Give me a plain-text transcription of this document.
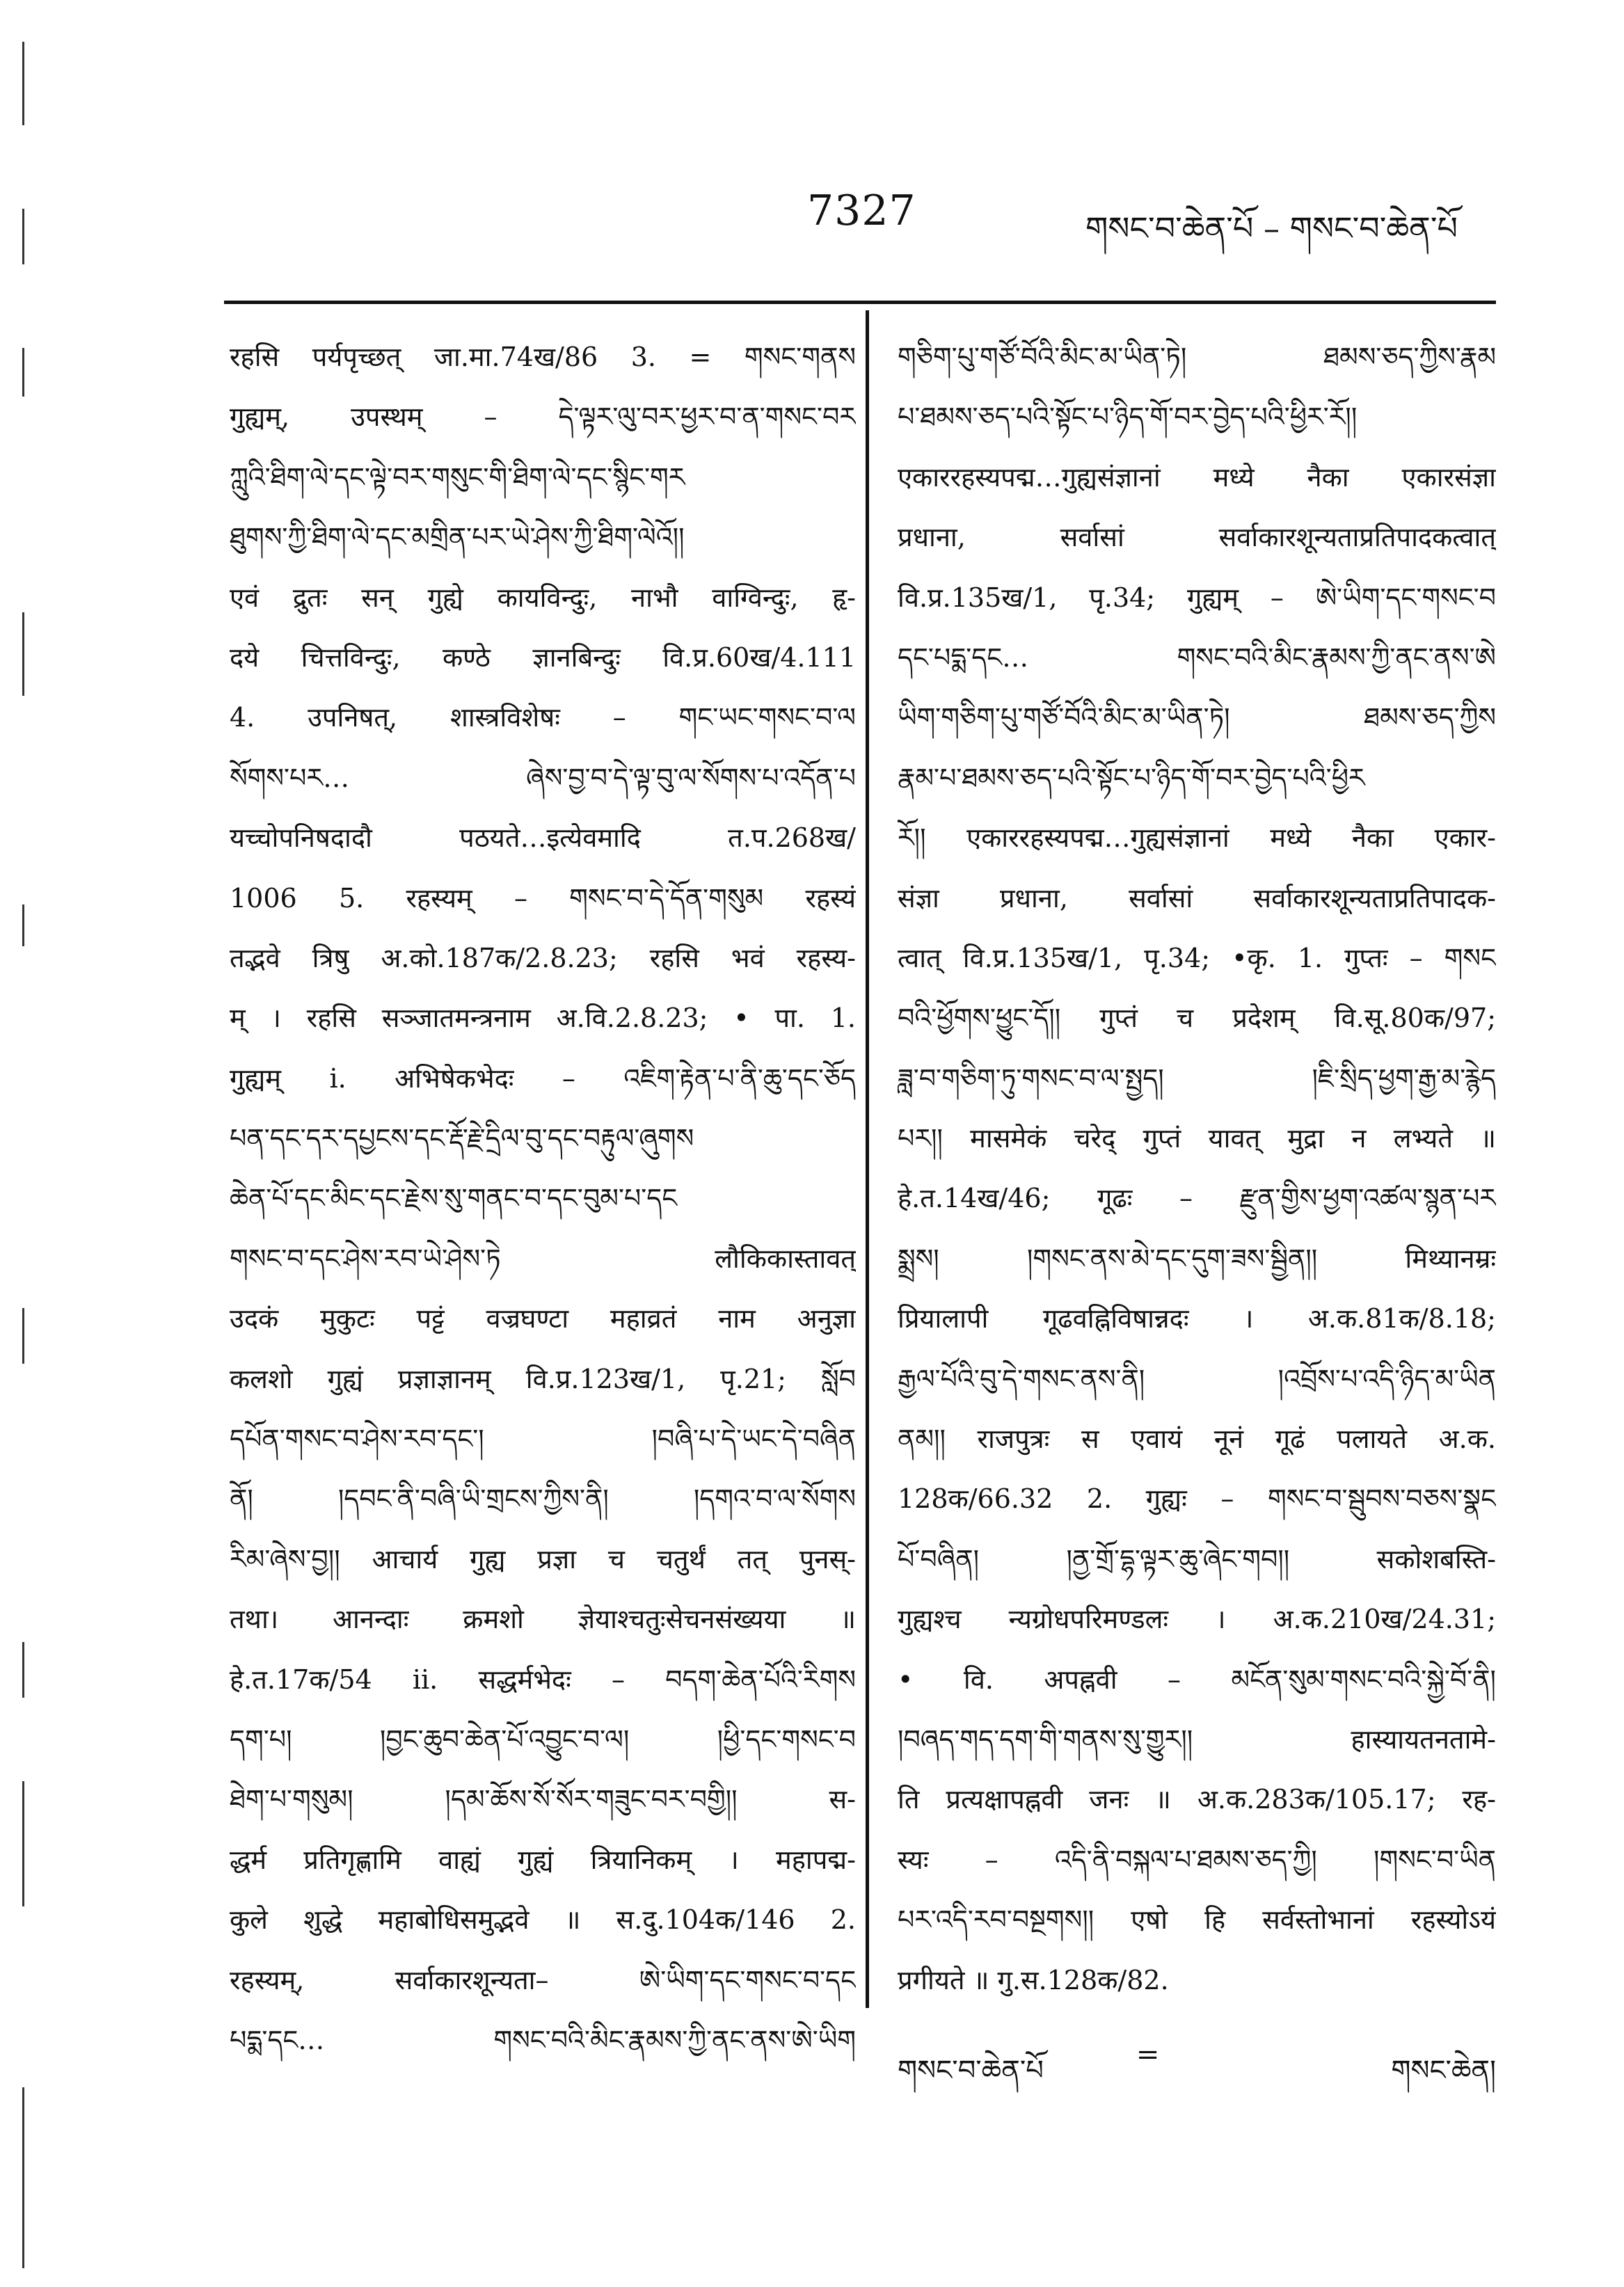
7327	གསང་བ་ཆེན་པོ – གསང་བ་ཆེན་པོ
रहसि पर्यपृच्छत् जा.मा.74ख/86 3. = གསང་གནས
गुह्यम्, उपस्थम् – དེ་ལྟར་ལུ་བར་ཕྱར་བ་ན་གསང་བར
ཀླུའི་ཐིག་ལེ་དང་ལྟེ་བར་གསུང་གི་ཐིག་ལེ་དང་སྙིང་གར
ཐུགས་ཀྱི་ཐིག་ལེ་དང་མགྲིན་པར་ཡེ་ཤེས་ཀྱི་ཐིག་ལེའོ།།
एवं द्रुतः सन् गुह्ये कायविन्दुः, नाभौ वाग्विन्दुः, हृ-
दये चित्तविन्दुः, कण्ठे ज्ञानबिन्दुः वि.प्र.60ख/4.111
4. उपनिषत्, शास्त्रविशेषः – གང་ཡང་གསང་བ་ལ
སོགས་པར… ཞེས་བྱ་བ་དེ་ལྟ་བུ་ལ་སོགས་པ་འདོན་པ
यच्चोपनिषदादौ पठयते…इत्येवमादि त.प.268ख/
1006 5. रहस्यम् – གསང་བ་དེ་དོན་གསུམ रहस्यं
तद्भवे त्रिषु अ.को.187क/2.8.23; रहसि भवं रहस्य-
म् । रहसि सञ्जातमन्त्रनाम अ.वि.2.8.23; • पा. 1.
गुह्यम् i. अभिषेकभेदः – འཇིག་རྟེན་པ་ནི་ཆུ་དང་ཅོད
པན་དང་དར་དཔྱངས་དང་རྡོ་རྗེ་དྲིལ་བུ་དང་བརྟུལ་ཞུགས
ཆེན་པོ་དང་མིང་དང་རྗེས་སུ་གནང་བ་དང་བུམ་པ་དང
གསང་བ་དང་ཤེས་རབ་ཡེ་ཤེས་ཏེ लौकिकास्तावत्
उदकं मुकुटः पट्टं वज्रघण्टा महाव्रतं नाम अनुज्ञा
कलशो गुह्यं प्रज्ञाज्ञानम् वि.प्र.123ख/1, पृ.21; སློབ
དཔོན་གསང་བ་ཤེས་རབ་དང་། །བཞི་པ་དེ་ཡང་དེ་བཞིན
ནོ། །དབང་ནི་བཞི་ཡི་གྲངས་ཀྱིས་ནི། །དགའ་བ་ལ་སོགས
རིམ་ཞེས་བྱ།། आचार्य गुह्य प्रज्ञा च चतुर्थं तत् पुनस्-
तथा। आनन्दाः क्रमशो ज्ञेयाश्चतुःसेचनसंख्यया ॥
हे.त.17क/54 ii. सद्धर्मभेदः – བདག་ཆེན་པོའི་རིགས
དག་པ། །བྱང་ཆུབ་ཆེན་པོ་འབྱུང་བ་ལ། །ཕྱི་དང་གསང་བ
ཐེག་པ་གསུམ། །དམ་ཆོས་སོ་སོར་གཟུང་བར་བགྱི།། स-
द्धर्म प्रतिगृह्णामि वाह्यं गुह्यं त्रियानिकम् । महापद्म-
कुले शुद्धे महाबोधिसमुद्भवे ॥ स.दु.104क/146 2.
रहस्यम्, सर्वाकारशून्यता– ཨེ་ཡིག་དང་གསང་བ་དང
པདྨ་དང… གསང་བའི་མིང་རྣམས་ཀྱི་ནང་ནས་ཨེ་ཡིག
གཅིག་པུ་གཙོ་བོའི་མིང་མ་ཡིན་ཏེ། ཐམས་ཅད་ཀྱིས་རྣམ
པ་ཐམས་ཅད་པའི་སྟོང་པ་ཉིད་གོ་བར་བྱེད་པའི་ཕྱིར་རོ།།
एकाररहस्यपद्म…गुह्यसंज्ञानां मध्ये नैका एकारसंज्ञा
प्रधाना, सर्वासां सर्वाकारशून्यताप्रतिपादकत्वात्
वि.प्र.135ख/1, पृ.34; गुह्यम् – ཨེ་ཡིག་དང་གསང་བ
དང་པདྨ་དང… གསང་བའི་མིང་རྣམས་ཀྱི་ནང་ནས་ཨེ
ཡིག་གཅིག་པུ་གཙོ་བོའི་མིང་མ་ཡིན་ཏེ། ཐམས་ཅད་ཀྱིས
རྣམ་པ་ཐམས་ཅད་པའི་སྟོང་པ་ཉིད་གོ་བར་བྱེད་པའི་ཕྱིར
རོ།། एकाररहस्यपद्म…गुह्यसंज्ञानां मध्ये नैका एकार-
संज्ञा प्रधाना, सर्वासां सर्वाकारशून्यताप्रतिपादक-
त्वात् वि.प्र.135ख/1, पृ.34; •कृ. 1. गुप्तः – གསང
བའི་ཕྱོགས་ཕྱུང་དོ།། गुप्तं च प्रदेशम् वि.सू.80क/97;
ཟླ་བ་གཅིག་ཏུ་གསང་བ་ལ་སྤྱད། །ཇི་སྲིད་ཕྱག་རྒྱ་མ་རྙེད
པར།། मासमेकं चरेद् गुप्तं यावत् मुद्रा न लभ्यते ॥
हे.त.14ख/46; गूढः – རྫུན་གྱིས་ཕྱག་འཚལ་སྙན་པར
སྨྲས། །གསང་ནས་མེ་དང་དུག་ཟས་སྦྱིན།། मिथ्यानम्रः
प्रियालापी गूढवह्निविषान्नदः । अ.क.81क/8.18;
རྒྱལ་པོའི་བུ་དེ་གསང་ནས་ནི། །འབྲོས་པ་འདི་ཉིད་མ་ཡིན
ནམ།། राजपुत्रः स एवायं नूनं गूढं पलायते अ.क.
128क/66.32 2. गुह्यः – གསང་བ་སྦུབས་བཅས་སྣང
པོ་བཞིན། །ནྱ་གྲོ་དྷ་ལྟར་ཆུ་ཞེང་གབ།། सकोशबस्ति-
गुह्यश्च न्यग्रोधपरिमण्डलः । अ.क.210ख/24.31;
• वि. अपह्नवी – མངོན་སུམ་གསང་བའི་སྐྱེ་བོ་ནི།
།བཞད་གད་དག་གི་གནས་སུ་གྱུར།། हास्यायतनतामे-
ति प्रत्यक्षापह्नवी जनः ॥ अ.क.283क/105.17; रह-
स्यः – འདི་ནི་བསྐལ་པ་ཐམས་ཅད་ཀྱི། །གསང་བ་ཡིན
པར་འདི་རབ་བསྔགས།། एषो हि सर्वस्तोभानां रहस्योऽयं
प्रगीयते ॥ गु.स.128क/82.
གསང་བ་ཆེན་པོ	=	གསང་ཆེན།
